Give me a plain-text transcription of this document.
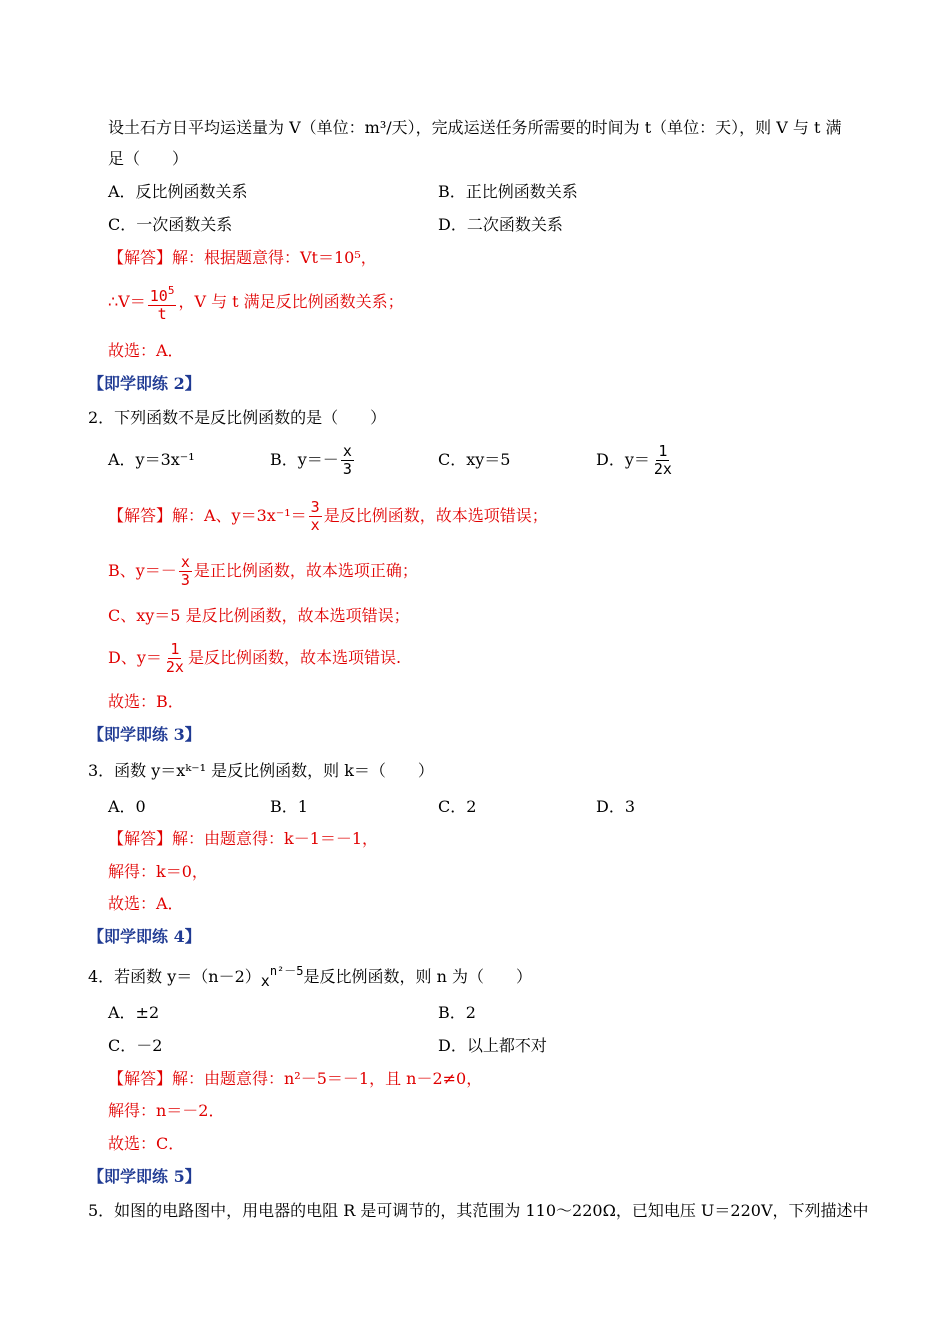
设土石方日平均运送量为 V（单位：m³/天），完成运送任务所需要的时间为 t（单位：天），则 V 与 t 满
足（　　）
A．反比例函数关系	B．正比例函数关系
C．一次函数关系	D．二次函数关系
【解答】解：根据题意得：Vt＝10⁵，
∴V＝ $\frac{10^5}{t}$ ，V 与 t 满足反比例函数关系；
故选：A．
【即学即练 2】
2．下列函数不是反比例函数的是（　　）
A．y＝3x⁻¹	B．$y=- \frac{x}{3}$	C．xy＝5	D．$y= \frac{1}{2x}$
【解答】解：A、$y=3x^{-1}= \frac{3}{x}$ 是反比例函数，故本选项错误；
B、$y=- \frac{x}{3}$ 是正比例函数，故本选项正确；
C、xy＝5 是反比例函数，故本选项错误；
D、$y= \frac{1}{2x}$ 是反比例函数，故本选项错误.
故选：B．
【即学即练 3】
3．函数 y＝xᵏ⁻¹ 是反比例函数，则 k＝（　　）
A．0	B．1	C．2	D．3
【解答】解：由题意得：k－1＝－1，
解得：k＝0，
故选：A．
【即学即练 4】
4．若函数 $y=(n-2)x^{n^2-5}$是反比例函数，则 n 为（　　）
A．±2	B．2
C．－2	D．以上都不对
【解答】解：由题意得：n²－5＝－1，且 n－2≠0，
解得：n＝－2．
故选：C．
【即学即练 5】
5．如图的电路图中，用电器的电阻 R 是可调节的，其范围为 110～220Ω，已知电压 U＝220V，下列描述中
